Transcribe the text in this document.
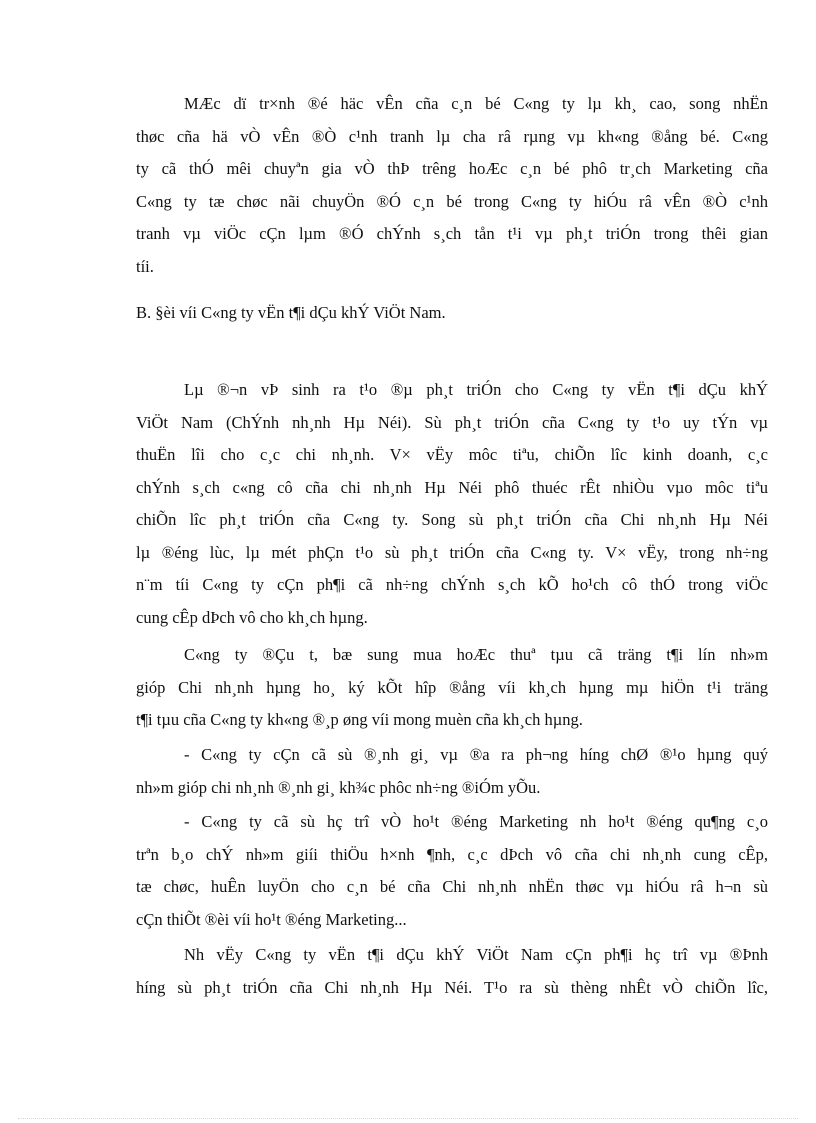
MÆc dï tr×nh ®é häc vÊn cña c¸n bé C«ng ty lµ kh¸ cao, song nhËn
thøc cña hä vÒ vÊn ®Ò c¹nh tranh lµ cha râ rµng vµ kh«ng ®ång bé. C«ng
ty cã thÓ mêi chuyªn gia vÒ thÞ trêng hoÆc c¸n bé phô tr¸ch Marketing cña
C«ng ty tæ chøc nãi chuyÖn ®Ó c¸n bé trong C«ng ty hiÓu râ vÊn ®Ò c¹nh
tranh vµ viÖc cÇn lµm ®Ó chÝnh s¸ch tån t¹i vµ ph¸t triÓn trong thêi gian
tíi.

B. §èi víi C«ng ty vËn t¶i dÇu khÝ ViÖt Nam.

Lµ ®¬n vÞ sinh ra t¹o ®µ ph¸t triÓn cho C«ng ty vËn t¶i dÇu khÝ
ViÖt Nam (ChÝnh nh¸nh Hµ Néi). Sù ph¸t triÓn cña C«ng ty t¹o uy tÝn vµ
thuËn lîi cho c¸c chi nh¸nh. V× vËy môc tiªu, chiÕn lîc kinh doanh, c¸c
chÝnh s¸ch c«ng cô cña chi nh¸nh Hµ Néi phô thuéc rÊt nhiÒu vµo môc tiªu
chiÕn lîc ph¸t triÓn cña C«ng ty. Song sù ph¸t triÓn cña Chi nh¸nh Hµ Néi
lµ ®éng lùc, lµ mét phÇn t¹o sù ph¸t triÓn cña C«ng ty. V× vËy, trong nh÷ng
n¨m tíi C«ng ty cÇn ph¶i cã nh÷ng chÝnh s¸ch kÕ ho¹ch cô thÓ trong viÖc
cung cÊp dÞch vô cho kh¸ch hµng.

C«ng ty ®Çu t, bæ sung mua hoÆc thuª tµu cã träng t¶i lín nh»m
gióp Chi nh¸nh hµng ho¸ ký kÕt hîp ®ång víi kh¸ch hµng mµ hiÖn t¹i träng
t¶i tµu cña C«ng ty kh«ng ®¸p øng víi mong muèn cña kh¸ch hµng.

- C«ng ty cÇn cã sù ®¸nh gi¸ vµ ®a ra ph¬ng híng chØ ®¹o hµng quý
nh»m gióp chi nh¸nh ®¸nh gi¸ kh¾c phôc nh÷ng ®iÓm yÕu.

- C«ng ty cã sù hç trî vÒ ho¹t ®éng Marketing nh ho¹t ®éng qu¶ng c¸o
trªn b¸o chÝ nh»m giíi thiÖu h×nh ¶nh, c¸c dÞch vô cña chi nh¸nh cung cÊp,
tæ chøc, huÊn luyÖn cho c¸n bé cña Chi nh¸nh nhËn thøc vµ hiÓu râ h¬n sù
cÇn thiÕt ®èi víi ho¹t ®éng Marketing...

Nh vËy C«ng ty vËn t¶i dÇu khÝ ViÖt Nam cÇn ph¶i hç trî vµ ®Þnh
híng sù ph¸t triÓn cña Chi nh¸nh Hµ Néi. T¹o ra sù thèng nhÊt vÒ chiÕn lîc,
